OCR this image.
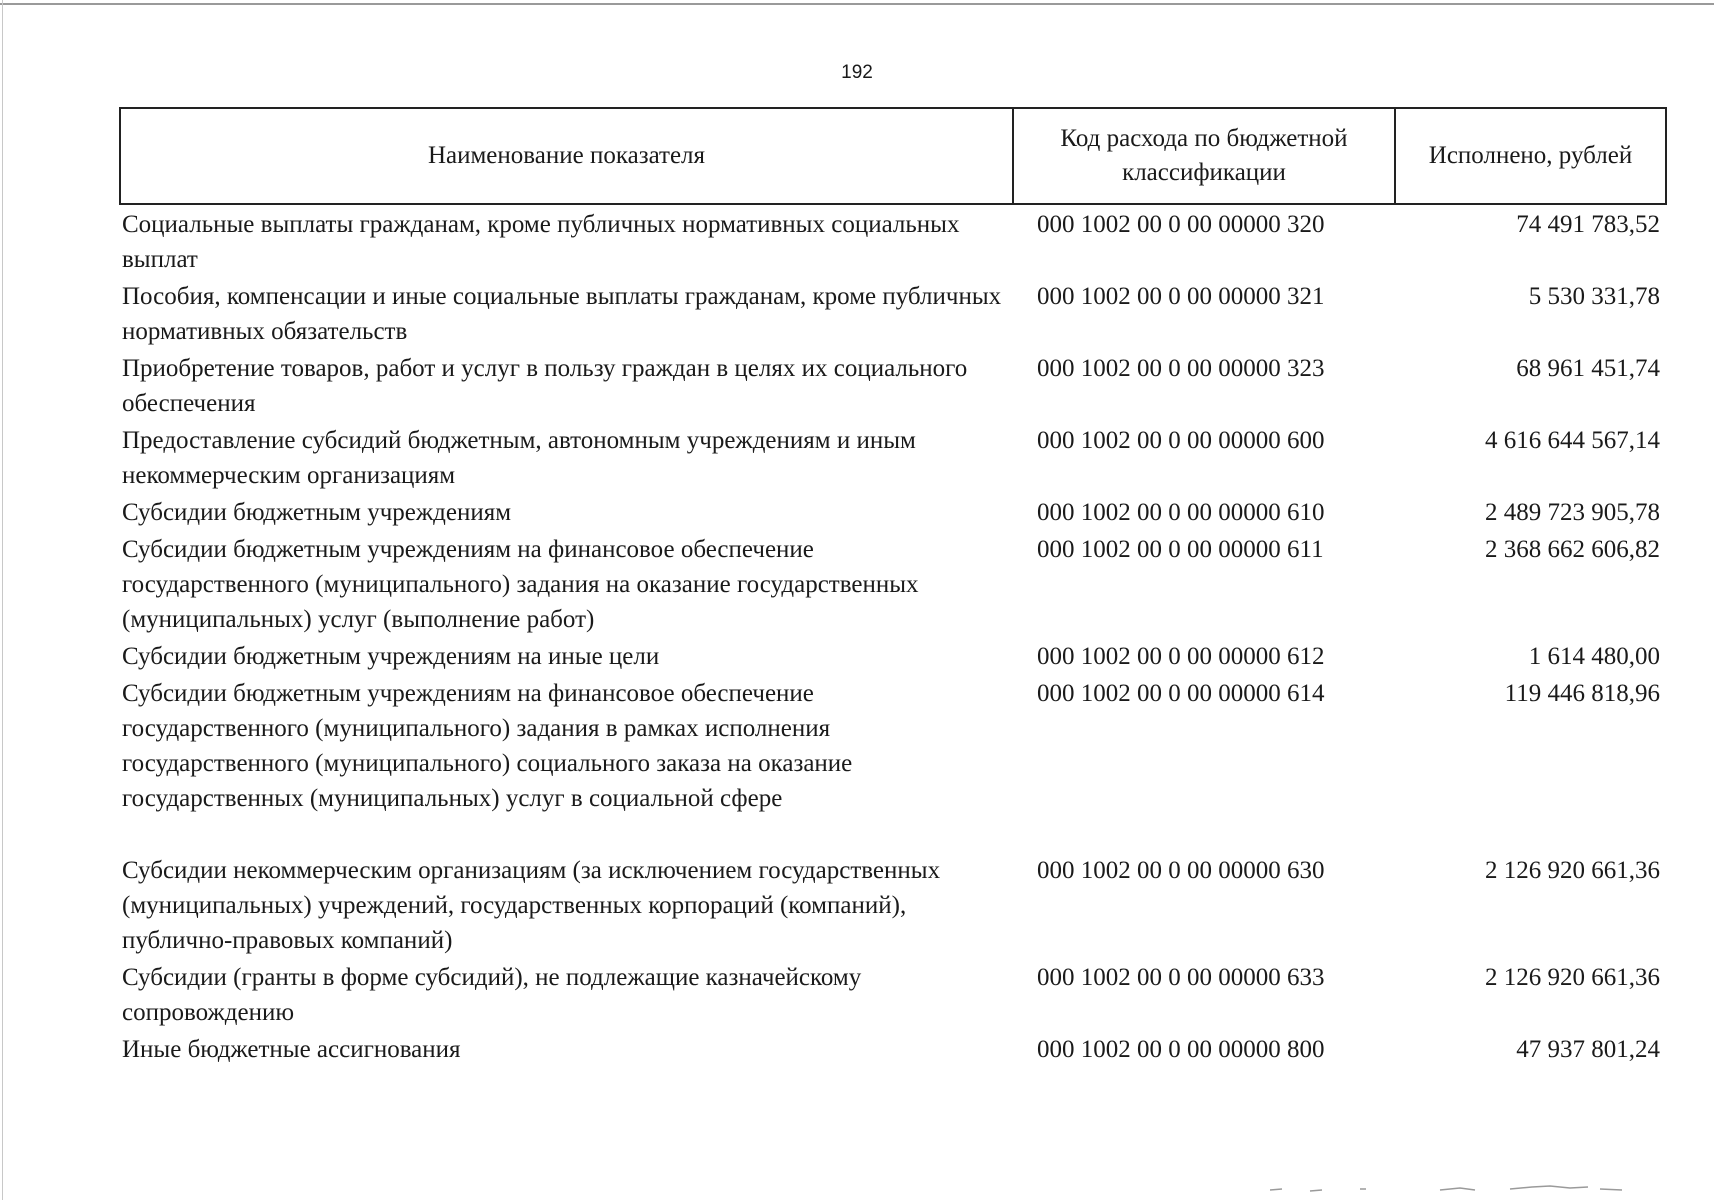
192
Наименование показателя	Код расхода по бюджетной классификации	Исполнено, рублей
Социальные выплаты гражданам, кроме публичных нормативных социальных выплат	000 1002 00 0 00 00000 320	74 491 783,52
Пособия, компенсации и иные социальные выплаты гражданам, кроме публичных нормативных обязательств	000 1002 00 0 00 00000 321	5 530 331,78
Приобретение товаров, работ и услуг в пользу граждан в целях их социального обеспечения	000 1002 00 0 00 00000 323	68 961 451,74
Предоставление субсидий бюджетным, автономным учреждениям и иным некоммерческим организациям	000 1002 00 0 00 00000 600	4 616 644 567,14
Субсидии бюджетным учреждениям	000 1002 00 0 00 00000 610	2 489 723 905,78
Субсидии бюджетным учреждениям на финансовое обеспечение государственного (муниципального) задания на оказание государственных (муниципальных) услуг (выполнение работ)	000 1002 00 0 00 00000 611	2 368 662 606,82
Субсидии бюджетным учреждениям на иные цели	000 1002 00 0 00 00000 612	1 614 480,00
Субсидии бюджетным учреждениям на финансовое обеспечение государственного (муниципального) задания в рамках исполнения государственного (муниципального) социального заказа на оказание государственных (муниципальных) услуг в социальной сфере	000 1002 00 0 00 00000 614	119 446 818,96
Субсидии некоммерческим организациям (за исключением государственных (муниципальных) учреждений, государственных корпораций (компаний), публично-правовых компаний)	000 1002 00 0 00 00000 630	2 126 920 661,36
Субсидии (гранты в форме субсидий), не подлежащие казначейскому сопровождению	000 1002 00 0 00 00000 633	2 126 920 661,36
Иные бюджетные ассигнования	000 1002 00 0 00 00000 800	47 937 801,24
